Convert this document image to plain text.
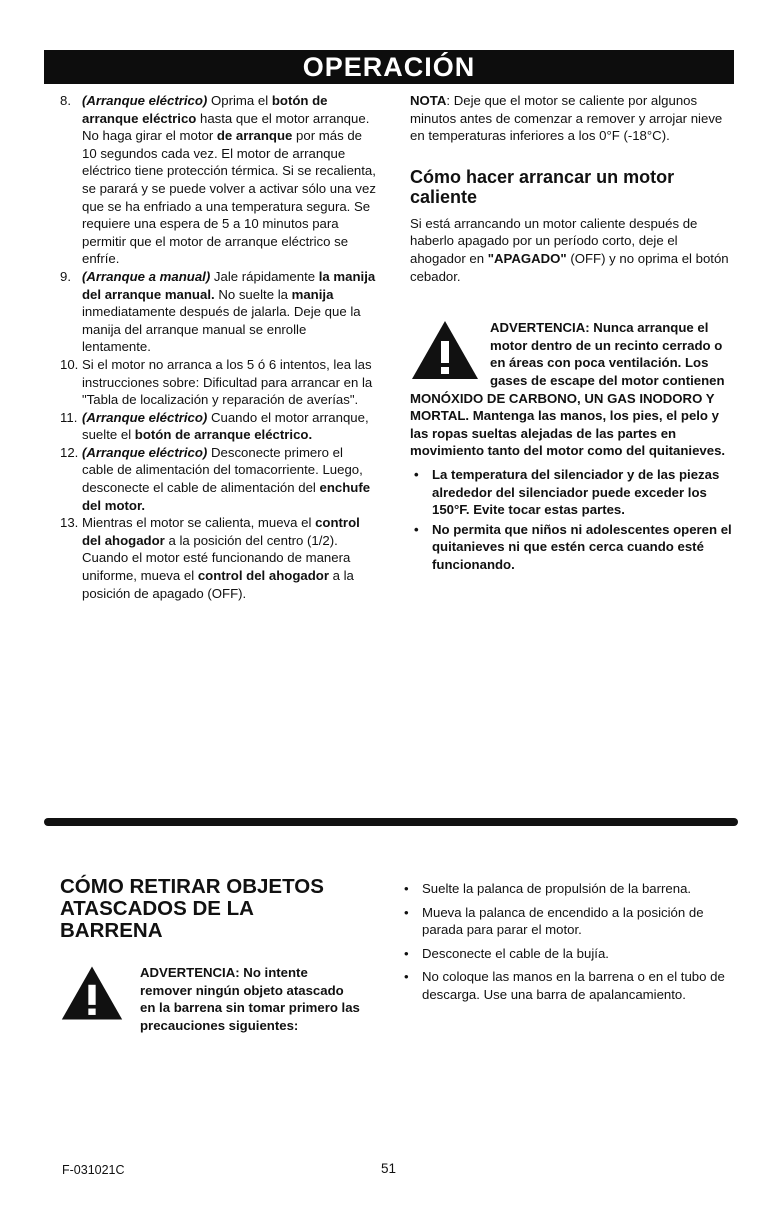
OPERACIÓN
8. (Arranque eléctrico) Oprima el botón de arranque eléctrico hasta que el motor arranque. No haga girar el motor de arranque por más de 10 segundos cada vez. El motor de arranque eléctrico tiene protección térmica. Si se recalienta, se parará y se puede volver a activar sólo una vez que se ha enfriado a una temperatura segura. Se requiere una espera de 5 a 10 minutos para permitir que el motor de arranque eléctrico se enfríe.
9. (Arranque a manual) Jale rápidamente la manija del arranque manual. No suelte la manija inmediatamente después de jalarla. Deje que la manija del arranque manual se enrolle lentamente.
10. Si el motor no arranca a los 5 ó 6 intentos, lea las instrucciones sobre: Dificultad para arrancar en la "Tabla de localización y reparación de averías".
11. (Arranque eléctrico) Cuando el motor arranque, suelte el botón de arranque eléctrico.
12. (Arranque eléctrico) Desconecte primero el cable de alimentación del tomacorriente. Luego, desconecte el cable de alimentación del enchufe del motor.
13. Mientras el motor se calienta, mueva el control del ahogador a la posición del centro (1/2). Cuando el motor esté funcionando de manera uniforme, mueva el control del ahogador a la posición de apagado (OFF).

NOTA: Deje que el motor se caliente por algunos minutos antes de comenzar a remover y arrojar nieve en temperaturas inferiores a los 0°F (-18°C).

Cómo hacer arrancar un motor caliente

Si está arrancando un motor caliente después de haberlo apagado por un período corto, deje el ahogador en "APAGADO" (OFF) y no oprima el botón cebador.

ADVERTENCIA: Nunca arranque el motor dentro de un recinto cerrado o en áreas con poca ventilación. Los gases de escape del motor contienen MONÓXIDO DE CARBONO, UN GAS INODORO Y MORTAL. Mantenga las manos, los pies, el pelo y las ropas sueltas alejadas de las partes en movimiento tanto del motor como del quitanieves.
•	La temperatura del silenciador y de las piezas alrededor del silenciador puede exceder los 150°F. Evite tocar estas partes.
•	No permita que niños ni adolescentes operen el quitanieves ni que estén cerca cuando esté funcionando.

CÓMO RETIRAR OBJETOS ATASCADOS DE LA BARRENA

ADVERTENCIA: No intente remover ningún objeto atascado en la barrena sin tomar primero las precauciones siguientes:
•	Suelte la palanca de propulsión de la barrena.
•	Mueva la palanca de encendido a la posición de parada para parar el motor.
•	Desconecte el cable de la bujía.
•	No coloque las manos en la barrena o en el tubo de descarga. Use una barra de apalancamiento.
F-031021C	51
